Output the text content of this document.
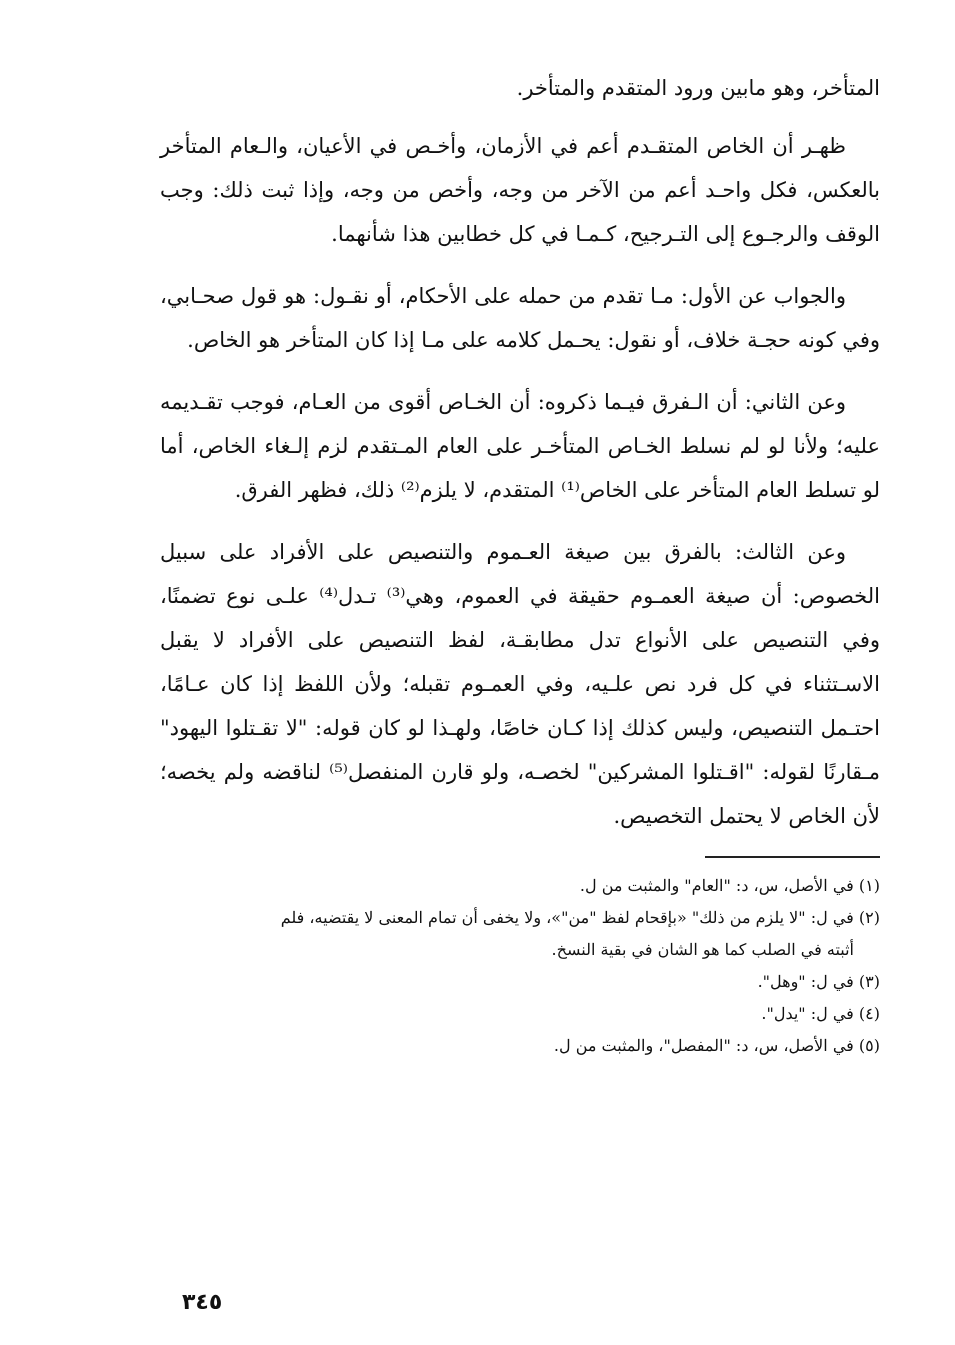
المتأخر، وهو مابين ورود المتقدم والمتأخر.

ظهـر أن الخاص المتقـدم أعم في الأزمان، وأخـص في الأعيان، والـعام المتأخر بالعكس، فكل واحـد أعم من الآخر من وجه، وأخص من وجه، وإذا ثبت ذلك: وجب الوقف والرجـوع إلى التـرجيح، كـمـا في كل خطابين هذا شأنهما.

والجواب عن الأول: مـا تقدم من حمله على الأحكام، أو نقـول: هو قول صحـابي، وفي كونه حجـة خلاف، أو نقول: يحـمل كلامه على مـا إذا كان المتأخر هو الخاص.

وعن الثاني: أن الـفرق فيـما ذكروه: أن الخـاص أقوى من العـام، فوجب تقـديمه عليه؛ ولأنا لو لم نسلط الخـاص المتأخـر على العام المـتقدم لزم إلـغاء الخاص، أما لو تسلط العام المتأخر على الخاص⁽¹⁾ المتقدم، لا يلزم⁽²⁾ ذلك، فظهر الفرق.

وعن الثالث: بالفرق بين صيغة العـموم والتنصيص على الأفراد على سبيل الخصوص: أن صيغة العمـوم حقيقة في العموم، وهي⁽³⁾ تـدل⁽⁴⁾ علـى نوع تضمنًا، وفي التنصيص على الأنواع تدل مطابقـة، لفظ التنصيص على الأفراد لا يقبل الاسـتثناء في كل فرد نص علـيه، وفي العمـوم تقبله؛ ولأن اللفظ إذا كان عـامًا، احتـمل التنصيص، وليس كذلك إذا كـان خاصًا، ولهـذا لو كان قوله: "لا تقـتلوا اليهود" مـقارنًا لقوله: "اقـتلوا المشركين" لخصـه، ولو قارن المنفصل⁽⁵⁾ لناقضه ولم يخصه؛ لأن الخاص لا يحتمل التخصيص.

(١) في الأصل، س، د: "العام" والمثبت من ل.

(٢) في ل: "لا يلزم من ذلك" «بإقحام لفظ "من"»، ولا يخفى أن تمام المعنى لا يقتضيه، فلم

أثبته في الصلب كما هو الشان في بقية النسخ.

(٣) في ل: "وهل".

(٤) في ل: "يدل".

(٥) في الأصل، س، د: "المفصل"، والمثبت من ل.

٣٤٥
